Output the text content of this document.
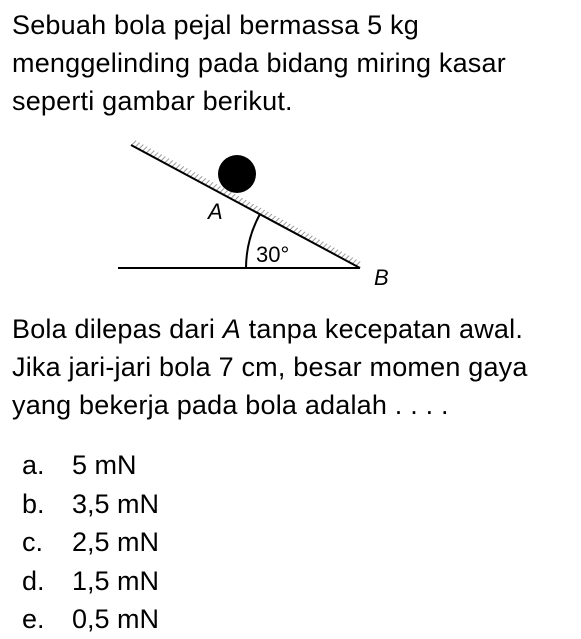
Sebuah bola pejal bermassa 5 kg
menggelinding pada bidang miring kasar
seperti gambar berikut.
A
30°
B
Bola dilepas dari A tanpa kecepatan awal.
Jika jari-jari bola 7 cm, besar momen gaya
yang bekerja pada bola adalah . . . .
a.	5 mN
b.	3,5 mN
c.	2,5 mN
d.	1,5 mN
e.	0,5 mN
